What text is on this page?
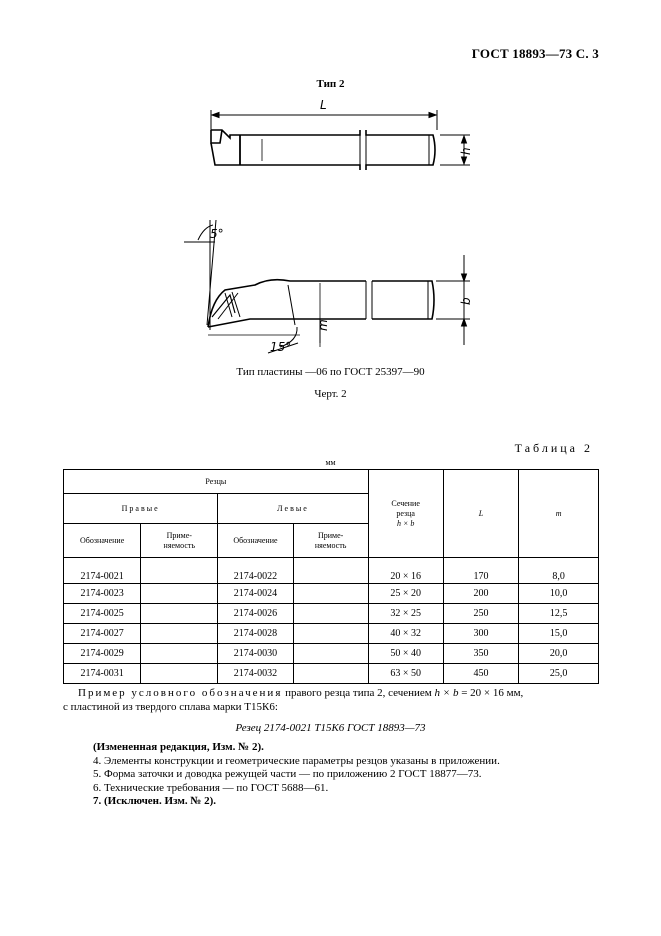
ГОСТ 18893—73 С. 3
Тип 2
L
h
b
m
5°
15°
Тип пластины —06 по ГОСТ 25397—90
Черт. 2
Таблица 2
мм
Резцы				Сечение
резца
h × b	L	m
Правые		Левые				
Обозначение	Приме-
няемость	Обозначение	Приме-
няемость			
2174-0021		2174-0022		20 × 16	170	8,0
2174-0023		2174-0024		25 × 20	200	10,0
2174-0025		2174-0026		32 × 25	250	12,5
2174-0027		2174-0028		40 × 32	300	15,0
2174-0029		2174-0030		50 × 40	350	20,0
2174-0031		2174-0032		63 × 50	450	25,0
Пример условного обозначения правого резца типа 2, сечением h × b = 20 × 16 мм,
с пластиной из твердого сплава марки Т15К6:
Резец 2174-0021 Т15К6 ГОСТ 18893—73
(Измененная редакция, Изм. № 2).
4. Элементы конструкции и геометрические параметры резцов указаны в приложении.
5. Форма заточки и доводка режущей части — по приложению 2 ГОСТ 18877—73.
6. Технические требования — по ГОСТ 5688—61.
7. (Исключен. Изм. № 2).
